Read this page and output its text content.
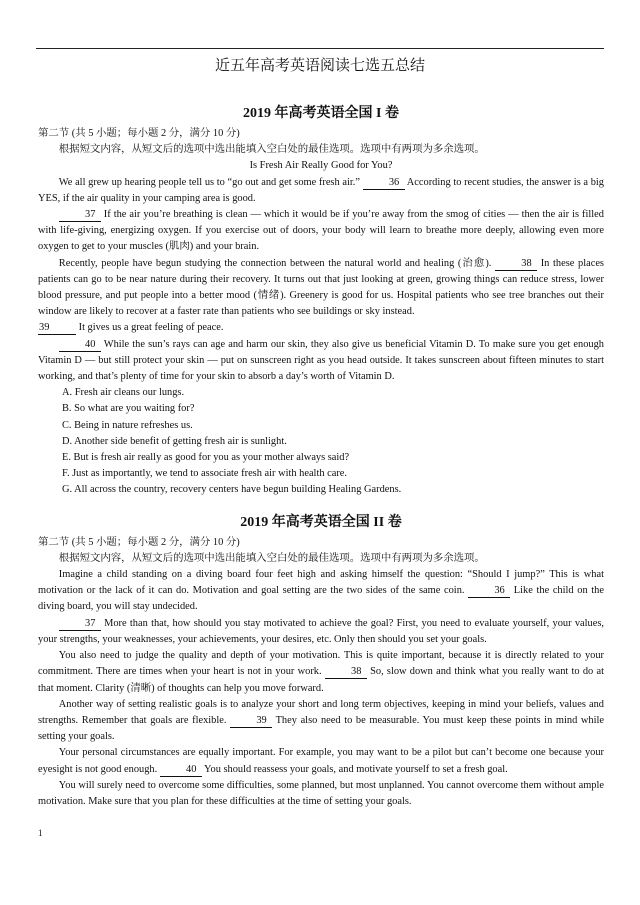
近五年高考英语阅读七选五总结
2019 年高考英语全国 I 卷
第二节 (共 5 小题；每小题 2 分，满分 10 分)
根据短文内容，从短文后的选项中选出能填入空白处的最佳选项。选项中有两项为多余选项。
Is Fresh Air Really Good for You?

We all grew up hearing people tell us to “go out and get some fresh air.”	36 According to recent studies, the answer is a big YES, if the air quality in your camping area is good.

37 If the air you’re breathing is clean — which it would be if you’re away from the smog of cities — then the air is filled with life-giving, energizing oxygen. If you exercise out of doors, your body will learn to breathe more deeply, allowing even more oxygen to get to your muscles (肌肉) and your brain.

Recently, people have begun studying the connection between the natural world and healing (治愈).	38 In these places patients can go to be near nature during their recovery. It turns out that just looking at green, growing things can reduce stress, lower blood pressure, and put people into a better mood (情绪). Greenery is good for us. Hospital patients who see tree branches out their window are likely to recover at a faster rate than patients who see buildings or sky instead.

39	It gives us a great feeling of peace.

40 While the sun’s rays can age and harm our skin, they also give us beneficial Vitamin D. To make sure you get enough Vitamin D — but still protect your skin — put on sunscreen right as you head outside. It takes sunscreen about fifteen minutes to start working, and that’s plenty of time for your skin to absorb a day’s worth of Vitamin D.

A. Fresh air cleans our lungs.
B. So what are you waiting for?
C. Being in nature refreshes us.
D. Another side benefit of getting fresh air is sunlight.
E. But is fresh air really as good for you as your mother always said?
F. Just as importantly, we tend to associate fresh air with health care.
G. All across the country, recovery centers have begun building Healing Gardens.
2019 年高考英语全国 II 卷
第二节 (共 5 小题；每小题 2 分，满分 10 分)
根据短文内容，从短文后的选项中选出能填入空白处的最佳选项。选项中有两项为多余选项。

Imagine a child standing on a diving board four feet high and asking himself the question: “Should I jump?” This is what motivation or the lack of it can do. Motivation and goal setting are the two sides of the same coin.	36 Like the child on the diving board, you will stay undecided.

37 More than that, how should you stay motivated to achieve the goal? First, you need to evaluate yourself, your values, your strengths, your weaknesses, your achievements, your desires, etc. Only then should you set your goals.

You also need to judge the quality and depth of your motivation. This is quite important, because it is directly related to your commitment. There are times when your heart is not in your work.	38 So, slow down and think what you really want to do at that moment. Clarity (清晰) of thoughts can help you move forward.

Another way of setting realistic goals is to analyze your short and long term objectives, keeping in mind your beliefs, values and strengths. Remember that goals are flexible.	39 They also need to be measurable. You must keep these points in mind while setting your goals.

Your personal circumstances are equally important. For example, you may want to be a pilot but can’t become one because your eyesight is not good enough.	40 You should reassess your goals, and motivate yourself to set a fresh goal.

You will surely need to overcome some difficulties, some planned, but most unplanned. You cannot overcome them without ample motivation. Make sure that you plan for these difficulties at the time of setting your goals.

1
